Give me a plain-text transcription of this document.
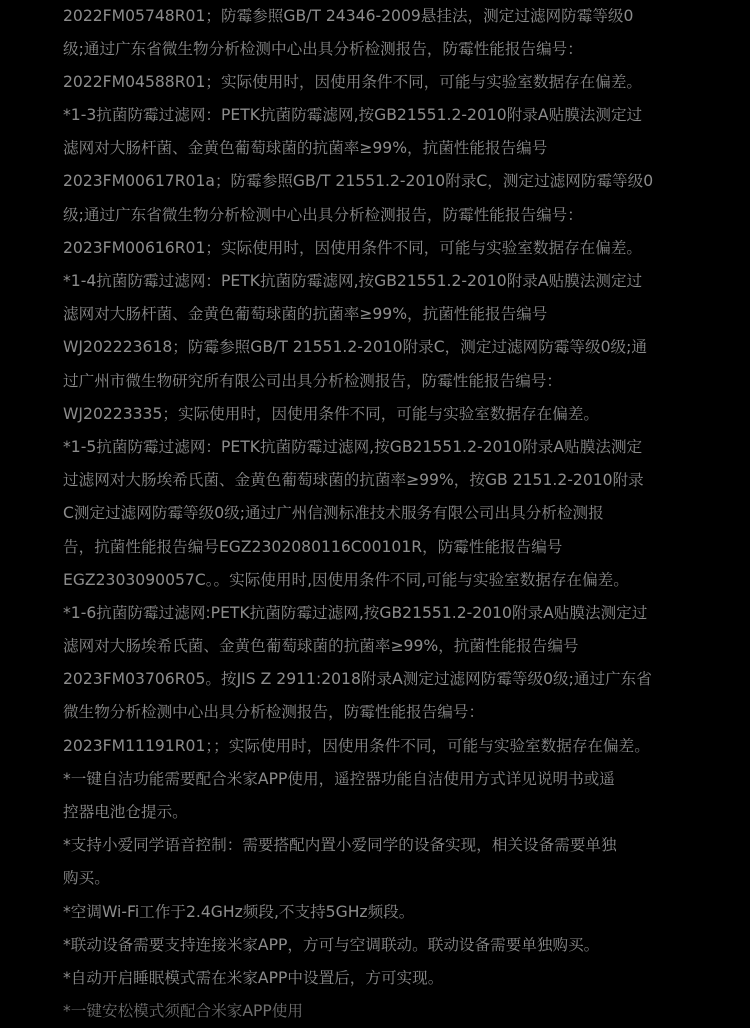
2022FM05748R01；防霉参照GB/T 24346-2009悬挂法，测定过滤网防霉等级0
级;通过广东省微生物分析检测中心出具分析检测报告，防霉性能报告编号：
2022FM04588R01；实际使用时，因使用条件不同，可能与实验室数据存在偏差。
*1-3抗菌防霉过滤网：PETK抗菌防霉滤网,按GB21551.2-2010附录A贴膜法测定过
滤网对大肠杆菌、金黄色葡萄球菌的抗菌率≥99%，抗菌性能报告编号
2023FM00617R01a；防霉参照GB/T 21551.2-2010附录C，测定过滤网防霉等级0
级;通过广东省微生物分析检测中心出具分析检测报告，防霉性能报告编号：
2023FM00616R01；实际使用时，因使用条件不同，可能与实验室数据存在偏差。
*1-4抗菌防霉过滤网：PETK抗菌防霉滤网,按GB21551.2-2010附录A贴膜法测定过
滤网对大肠杆菌、金黄色葡萄球菌的抗菌率≥99%，抗菌性能报告编号
WJ202223618；防霉参照GB/T 21551.2-2010附录C，测定过滤网防霉等级0级;通
过广州市微生物研究所有限公司出具分析检测报告，防霉性能报告编号：
WJ20223335；实际使用时，因使用条件不同，可能与实验室数据存在偏差。
*1-5抗菌防霉过滤网：PETK抗菌防霉过滤网,按GB21551.2-2010附录A贴膜法测定
过滤网对大肠埃希氏菌、金黄色葡萄球菌的抗菌率≥99%，按GB 2151.2-2010附录
C测定过滤网防霉等级0级;通过广州信测标准技术服务有限公司出具分析检测报
告，抗菌性能报告编号EGZ2302080116C00101R，防霉性能报告编号
EGZ2303090057C。。实际使用时,因使用条件不同,可能与实验室数据存在偏差。
*1-6抗菌防霉过滤网:PETK抗菌防霉过滤网,按GB21551.2-2010附录A贴膜法测定过
滤网对大肠埃希氏菌、金黄色葡萄球菌的抗菌率≥99%，抗菌性能报告编号
2023FM03706R05。按JIS Z 2911:2018附录A测定过滤网防霉等级0级;通过广东省
微生物分析检测中心出具分析检测报告，防霉性能报告编号：
2023FM11191R01；；实际使用时，因使用条件不同，可能与实验室数据存在偏差。
*一键自洁功能需要配合米家APP使用，遥控器功能自洁使用方式详见说明书或遥
控器电池仓提示。
*支持小爱同学语音控制：需要搭配内置小爱同学的设备实现，相关设备需要单独
购买。
*空调Wi-Fi工作于2.4GHz频段,不支持5GHz频段。
*联动设备需要支持连接米家APP，方可与空调联动。联动设备需要单独购买。
*自动开启睡眠模式需在米家APP中设置后，方可实现。
*一键安松模式须配合米家APP使用
